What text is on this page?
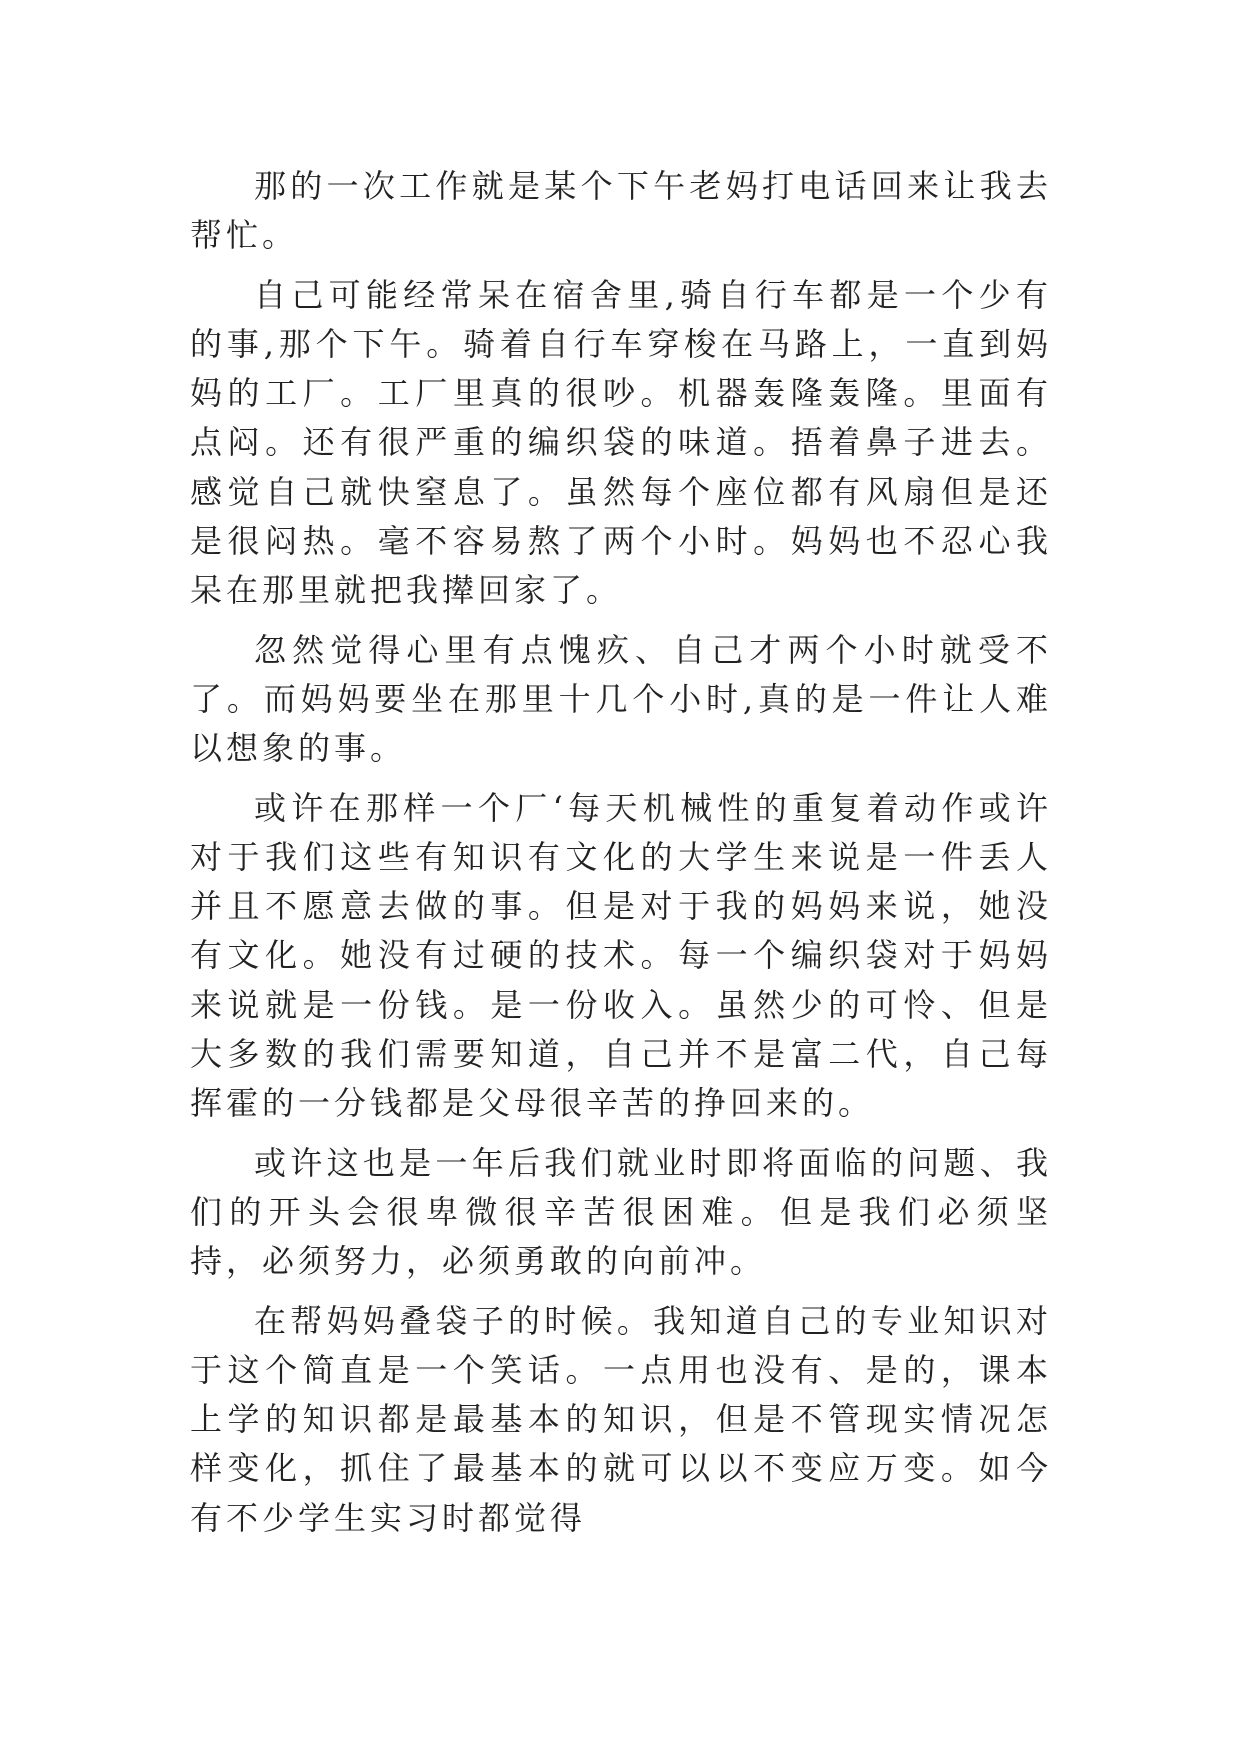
那的一次工作就是某个下午老妈打电话回来让我去帮忙。

自己可能经常呆在宿舍里,骑自行车都是一个少有的事,那个下午。骑着自行车穿梭在马路上，一直到妈妈的工厂。工厂里真的很吵。机器轰隆轰隆。里面有点闷。还有很严重的编织袋的味道。捂着鼻子进去。感觉自己就快窒息了。虽然每个座位都有风扇但是还是很闷热。毫不容易熬了两个小时。妈妈也不忍心我呆在那里就把我撵回家了。

忽然觉得心里有点愧疚、自己才两个小时就受不了。而妈妈要坐在那里十几个小时,真的是一件让人难以想象的事。

或许在那样一个厂‘每天机械性的重复着动作或许对于我们这些有知识有文化的大学生来说是一件丢人并且不愿意去做的事。但是对于我的妈妈来说，她没有文化。她没有过硬的技术。每一个编织袋对于妈妈来说就是一份钱。是一份收入。虽然少的可怜、但是大多数的我们需要知道，自己并不是富二代，自己每挥霍的一分钱都是父母很辛苦的挣回来的。

或许这也是一年后我们就业时即将面临的问题、我们的开头会很卑微很辛苦很困难。但是我们必须坚持，必须努力，必须勇敢的向前冲。

在帮妈妈叠袋子的时候。我知道自己的专业知识对于这个简直是一个笑话。一点用也没有、是的，课本上学的知识都是最基本的知识，但是不管现实情况怎样变化，抓住了最基本的就可以以不变应万变。如今有不少学生实习时都觉得
